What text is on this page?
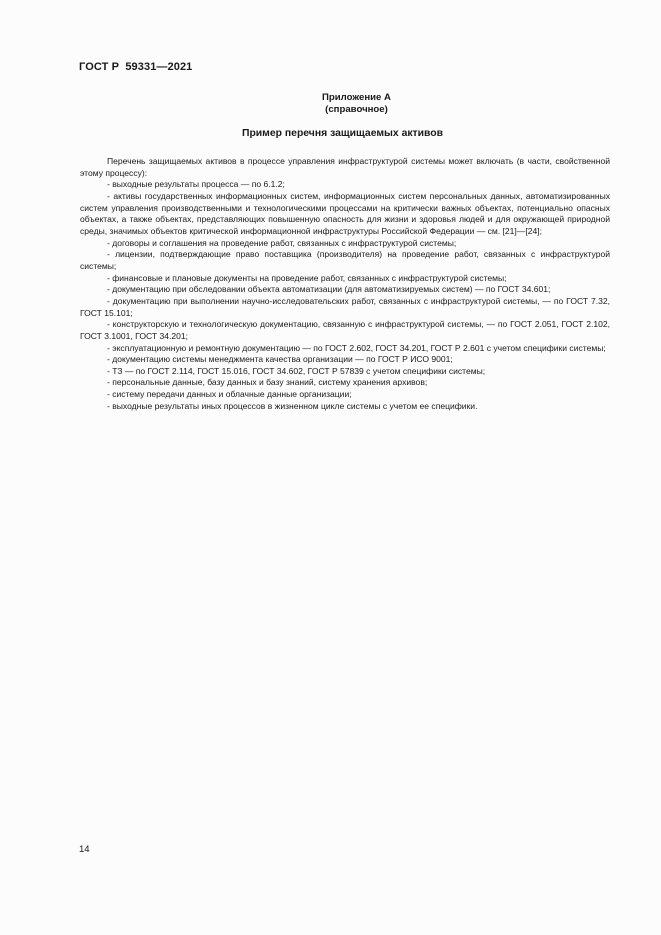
ГОСТ Р  59331—2021
Приложение А
(справочное)
Пример перечня защищаемых активов

Перечень защищаемых активов в процессе управления инфраструктурой системы может включать (в части, свойственной этому процессу):

- выходные результаты процесса — по 6.1.2;

- активы государственных информационных систем, информационных систем персональных данных, автоматизированных систем управления производственными и технологическими процессами на критически важных объектах, потенциально опасных объектах, а также объектах, представляющих повышенную опасность для жизни и здоровья людей и для окружающей природной среды, значимых объектов критической информационной инфраструктуры Российской Федерации — см. [21]—[24];

- договоры и соглашения на проведение работ, связанных с инфраструктурой системы;

- лицензии, подтверждающие право поставщика (производителя) на проведение работ, связанных с инфраструктурой системы;

- финансовые и плановые документы на проведение работ, связанных с инфраструктурой системы;

- документацию при обследовании объекта автоматизации (для автоматизируемых систем) — по ГОСТ 34.601;

- документацию при выполнении научно-исследовательских работ, связанных с инфраструктурой системы, — по ГОСТ 7.32, ГОСТ 15.101;

- конструкторскую и технологическую документацию, связанную с инфраструктурой системы, — по ГОСТ 2.051, ГОСТ 2.102, ГОСТ 3.1001, ГОСТ 34.201;

- эксплуатационную и ремонтную документацию — по ГОСТ 2.602, ГОСТ 34.201, ГОСТ Р 2.601 с учетом специфики системы;

- документацию системы менеджмента качества организации — по ГОСТ Р ИСО 9001;

- ТЗ — по ГОСТ 2.114, ГОСТ 15.016, ГОСТ 34.602, ГОСТ Р 57839 с учетом специфики системы;

- персональные данные, базу данных и базу знаний, систему хранения архивов;

- систему передачи данных и облачные данные организации;

- выходные результаты иных процессов в жизненном цикле системы с учетом ее специфики.

14
